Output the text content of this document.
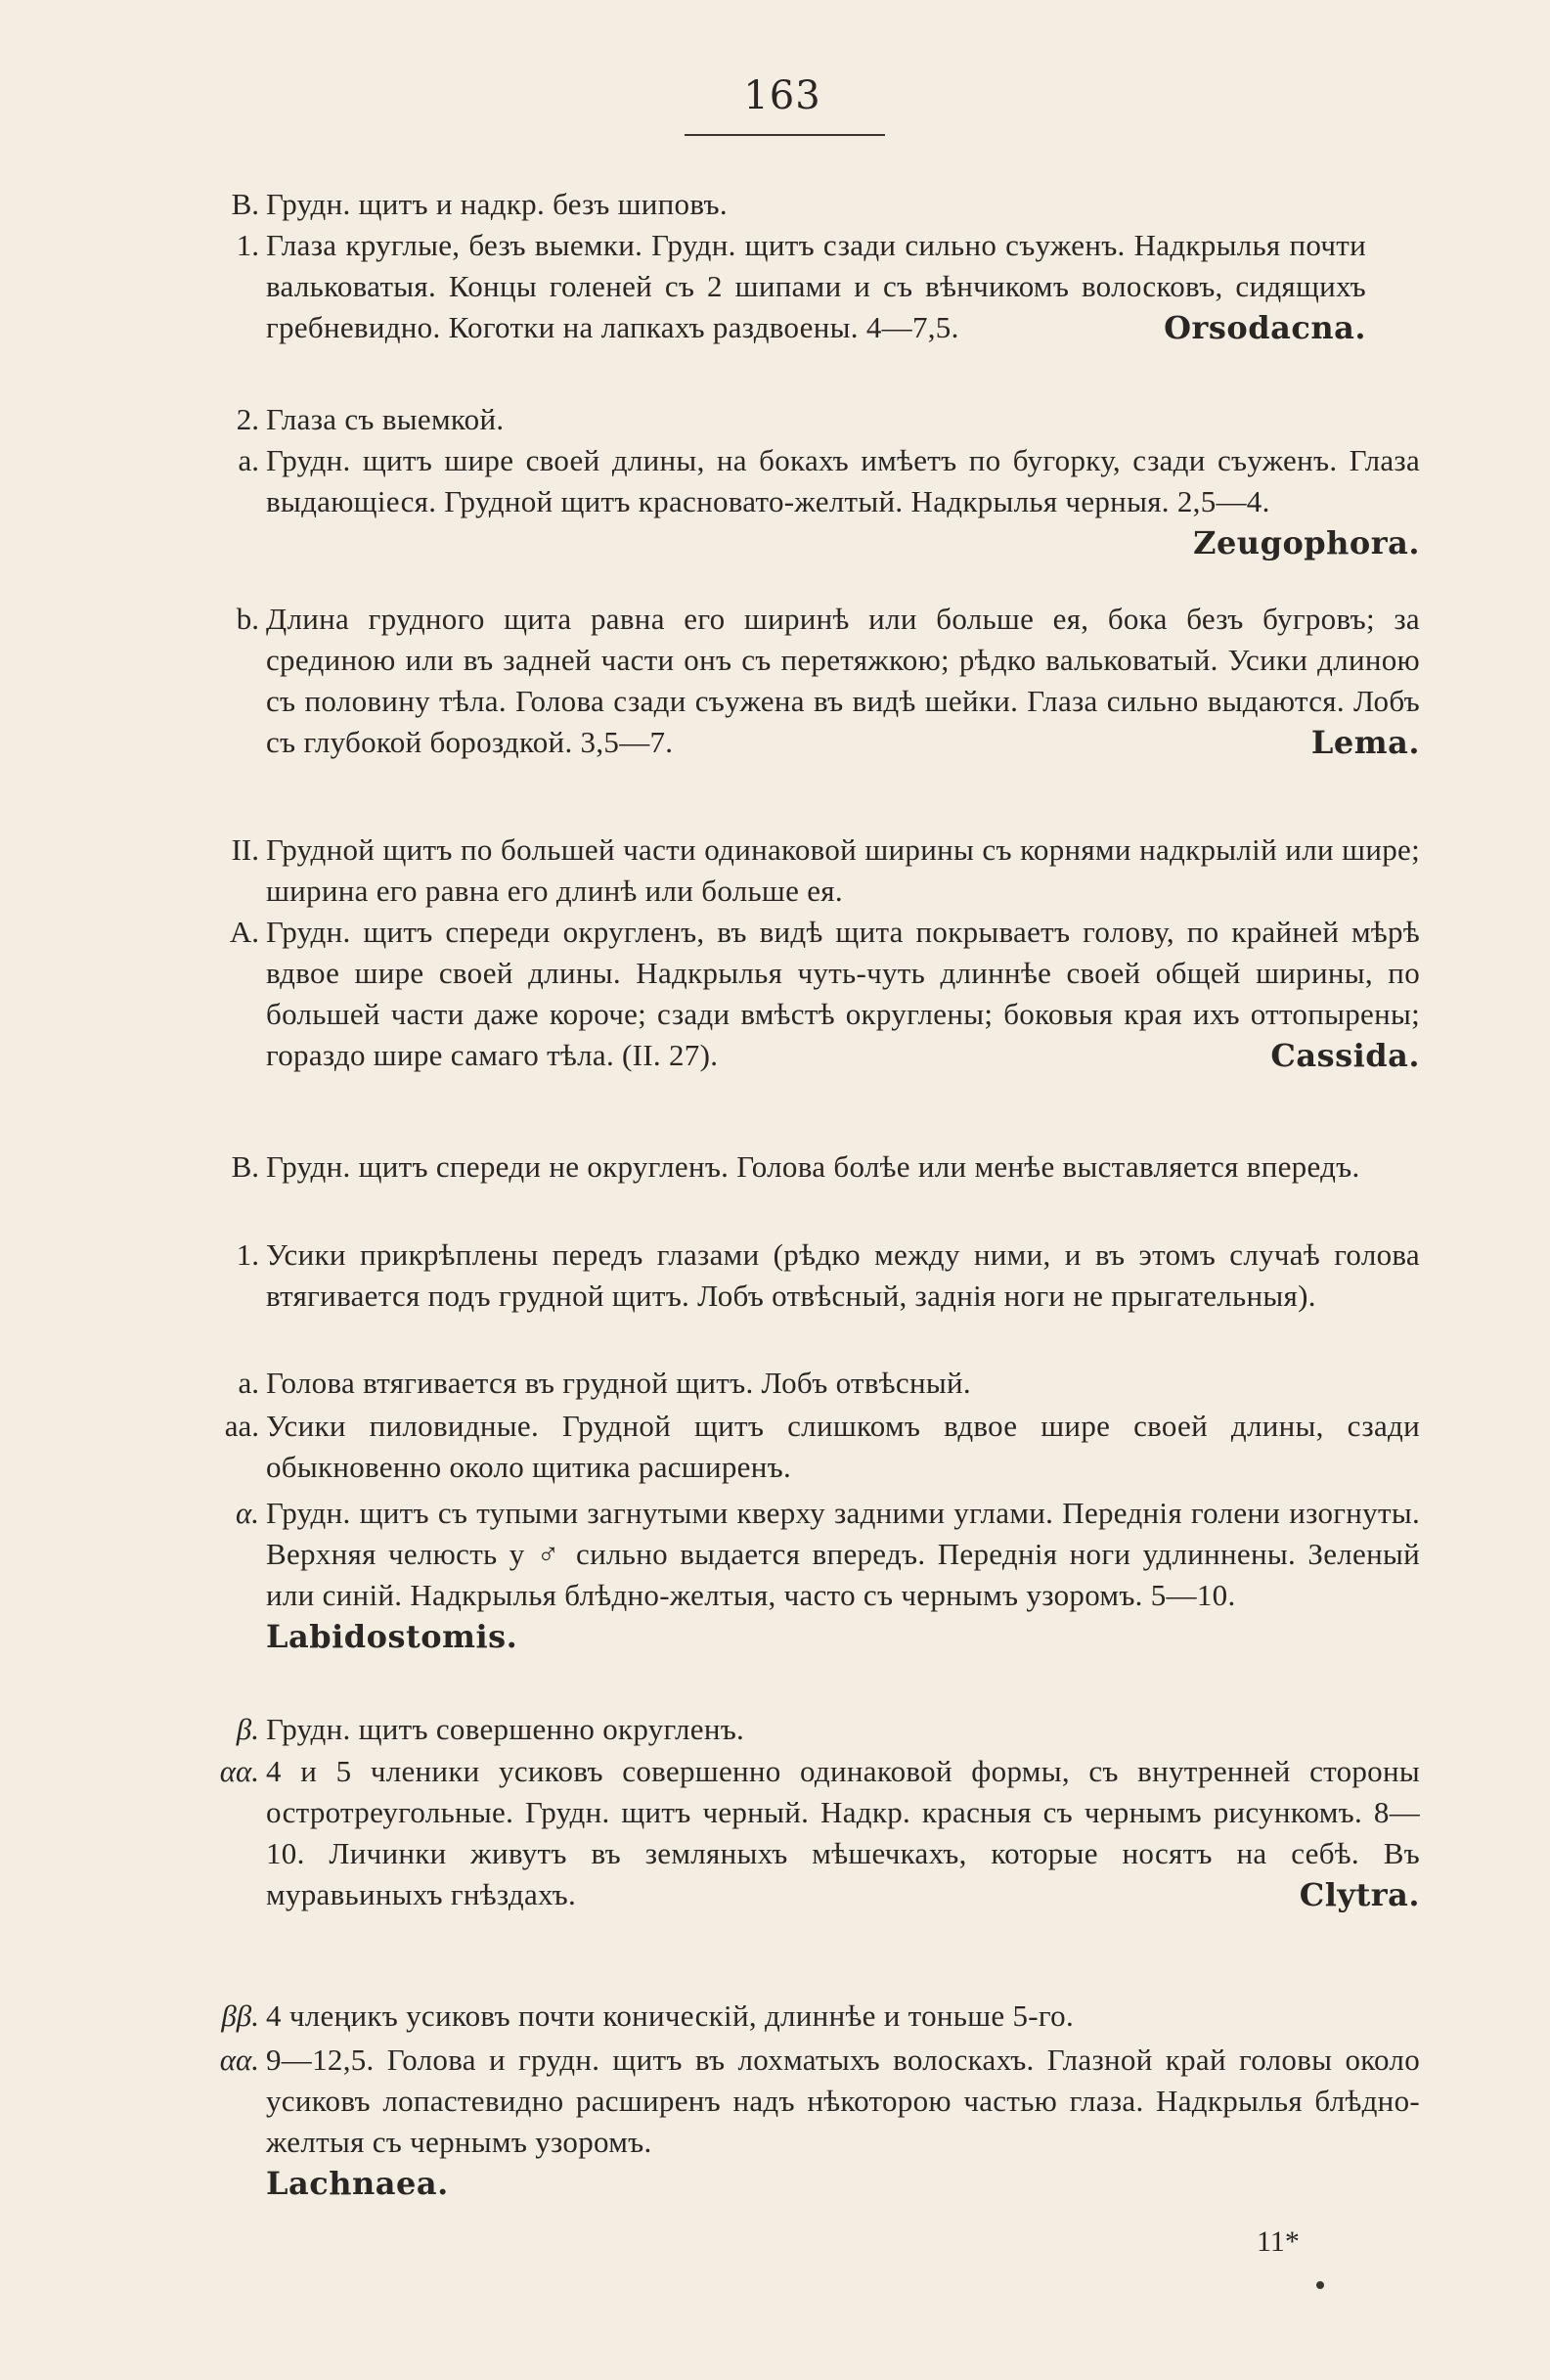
163
B. Грудн. щитъ и надкр. безъ шиповъ.
1. Глаза круглые, безъ выемки. Грудн. щитъ сзади сильно съуженъ. Надкрылья почти вальковатыя. Концы голеней съ 2 шипами и съ вѣнчикомъ волосковъ, сидящихъ гребневидно. Коготки на лапкахъ раздвоены. 4—7,5.	Orsodacna.
2. Глаза съ выемкой.
a. Грудн. щитъ шире своей длины, на бокахъ имѣетъ по бугорку, сзади съуженъ. Глаза выдающіеся. Грудной щитъ красновато-желтый. Надкрылья черныя. 2,5—4.
Zeugophora.
b. Длина грудного щита равна его ширинѣ или больше ея, бока безъ бугровъ; за срединою или въ задней части онъ съ перетяжкою; рѣдко вальковатый. Усики длиною съ половину тѣла. Голова сзади съужена въ видѣ шейки. Глаза сильно выдаются. Лобъ съ глубокой бороздкой. 3,5—7.	Lema.
II. Грудной щитъ по большей части одинаковой ширины съ корнями надкрылій или шире; ширина его равна его длинѣ или больше ея.
A. Грудн. щитъ спереди округленъ, въ видѣ щита покрываетъ голову, по крайней мѣрѣ вдвое шире своей длины. Надкрылья чуть-чуть длиннѣе своей общей ширины, по большей части даже короче; сзади вмѣстѣ округлены; боковыя края ихъ оттопырены; гораздо шире самаго тѣла. (II. 27).	Cassida.
B. Грудн. щитъ спереди не округленъ. Голова болѣе или менѣе выставляется впередъ.
1. Усики прикрѣплены передъ глазами (рѣдко между ними, и въ этомъ случаѣ голова втягивается подъ грудной щитъ. Лобъ отвѣсный, заднія ноги не прыгательныя).
a. Голова втягивается въ грудной щитъ. Лобъ отвѣсный.
aa. Усики пиловидные. Грудной щитъ слишкомъ вдвое шире своей длины, сзади обыкновенно около щитика расширенъ.
α. Грудн. щитъ съ тупыми загнутыми кверху задними углами. Переднія голени изогнуты. Верхняя челюсть у ♂ сильно выдается впередъ. Переднія ноги удлиннены. Зеленый или синій. Надкрылья блѣдно-желтыя, часто съ чернымъ узоромъ. 5—10.
Labidostomis.
β. Грудн. щитъ совершенно округленъ.
αα. 4 и 5 членики усиковъ совершенно одинаковой формы, съ внутренней стороны остротреугольные. Грудн. щитъ черный. Надкр. красныя съ чернымъ рисункомъ. 8—10. Личинки живутъ въ земляныхъ мѣшечкахъ, которые носятъ на себѣ. Въ муравьиныхъ гнѣздахъ.	Clytra.
ββ. 4 члеңикъ усиковъ почти коническій, длиннѣе и тоньше 5-го.
αα. 9—12,5. Голова и грудн. щитъ въ лохматыхъ волоскахъ. Глазной край головы около усиковъ лопастевидно расширенъ надъ нѣкоторою частью глаза. Надкрылья блѣдно-желтыя съ чернымъ узоромъ.
Lachnaea.
11*
